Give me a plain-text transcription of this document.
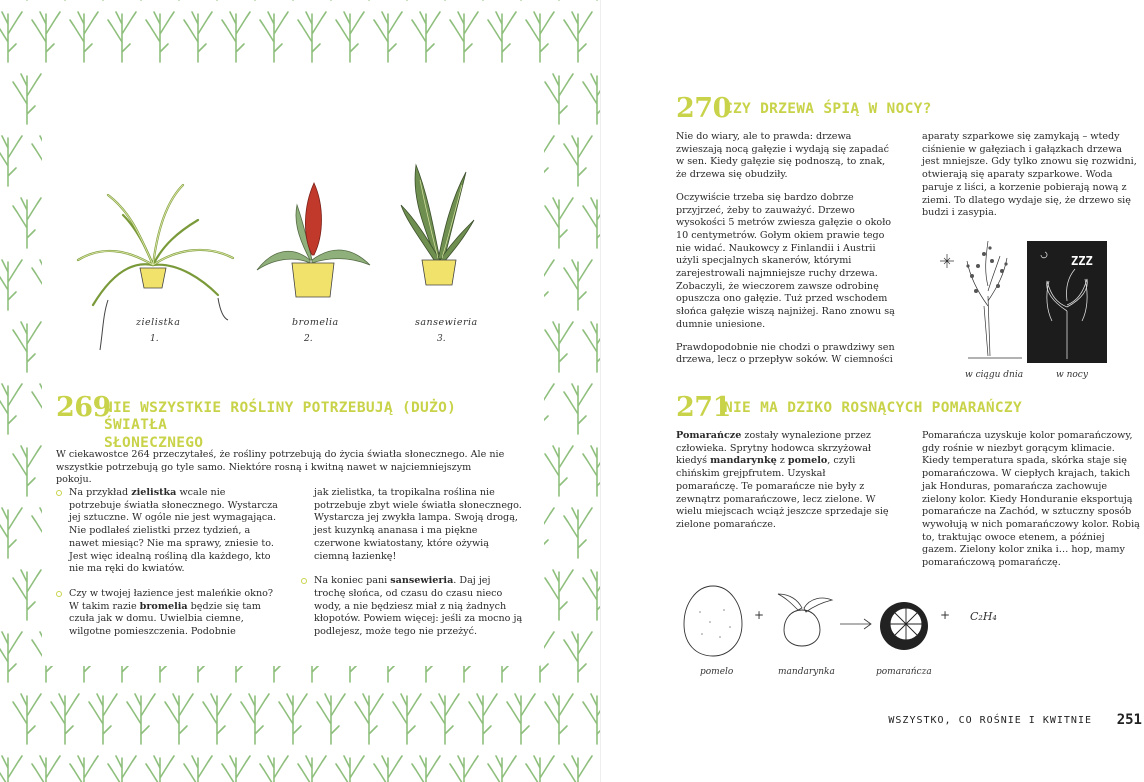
zielistka
1.
bromelia
2.
sansewieria
3.
269
NIE WSZYSTKIE ROŚLINY POTRZEBUJĄ (DUŻO) ŚWIATŁA
SŁONECZNEGO
W ciekawostce 264 przeczytałeś, że rośliny potrzebują do życia światła słonecznego. Ale nie wszystkie potrzebują go tyle samo. Niektóre rosną i kwitną nawet w najciemniejszym pokoju.
Na przykład zielistka wcale nie potrzebuje światła słonecznego. Wystarcza jej sztuczne. W ogóle nie jest wymagająca. Nie podlałeś zielistki przez tydzień, a nawet miesiąc? Nie ma sprawy, zniesie to. Jest więc idealną rośliną dla każdego, kto nie ma ręki do kwiatów.
Czy w twojej łazience jest maleńkie okno? W takim razie bromelia będzie się tam czuła jak w domu. Uwielbia ciemne, wilgotne pomieszczenia. Podobnie
jak zielistka, ta tropikalna roślina nie potrzebuje zbyt wiele światła słonecznego. Wystarcza jej zwykła lampa. Swoją drogą, jest kuzynką ananasa i ma piękne czerwone kwiatostany, które ożywią ciemną łazienkę!
Na koniec pani sansewieria. Daj jej trochę słońca, od czasu do czasu nieco wody, a nie będziesz miał z nią żadnych kłopotów. Powiem więcej: jeśli za mocno ją podlejesz, może tego nie przeżyć.
270
CZY DRZEWA ŚPIĄ W NOCY?

Nie do wiary, ale to prawda: drzewa zwieszają nocą gałęzie i wydają się zapadać w sen. Kiedy gałęzie się podnoszą, to znak, że drzewa się obudziły.

Oczywiście trzeba się bardzo dobrze przyjrzeć, żeby to zauważyć. Drzewo wysokości 5 metrów zwiesza gałęzie o około 10 centymetrów. Gołym okiem prawie tego nie widać. Naukowcy z Finlandii i Austrii użyli specjalnych skanerów, którymi zarejestrowali najmniejsze ruchy drzewa. Zobaczyli, że wieczorem zawsze odrobinę opuszcza ono gałęzie. Tuż przed wschodem słońca gałęzie wiszą najniżej. Rano znowu są dumnie uniesione.

Prawdopodobnie nie chodzi o prawdziwy sen drzewa, lecz o przepływ soków. W ciemności

aparaty szparkowe się zamykają – wtedy ciśnienie w gałęziach i gałązkach drzewa jest mniejsze. Gdy tylko znowu się rozwidni, otwierają się aparaty szparkowe. Woda paruje z liści, a korzenie pobierają nową z ziemi. To dlatego wydaje się, że drzewo się budzi i zasypia.

ZZZ
w ciągu dnia	w nocy
271
NIE MA DZIKO ROSNĄCYCH POMARAŃCZY

Pomarańcze zostały wynalezione przez człowieka. Sprytny hodowca skrzyżował kiedyś mandarynkę z pomelo, czyli chińskim grejpfrutem. Uzyskał pomarańczę. Te pomarańcze nie były z zewnątrz pomarańczowe, lecz zielone. W wielu miejscach wciąż jeszcze sprzedaje się zielone pomarańcze.

Pomarańcza uzyskuje kolor pomarańczowy, gdy rośnie w niezbyt gorącym klimacie. Kiedy temperatura spada, skórka staje się pomarańczowa. W ciepłych krajach, takich jak Honduras, pomarańcza zachowuje zielony kolor. Kiedy Honduranie eksportują pomarańcze na Zachód, w sztuczny sposób wywołują w nich pomarańczowy kolor. Robią to, traktując owoce etenem, a później gazem. Zielony kolor znika i… hop, mamy pomarańczową pomarańczę.

pomelo
+
mandarynka	pomarańcza
+ C₂H₄
WSZYSTKO, CO ROŚNIE I KWITNIE 251
